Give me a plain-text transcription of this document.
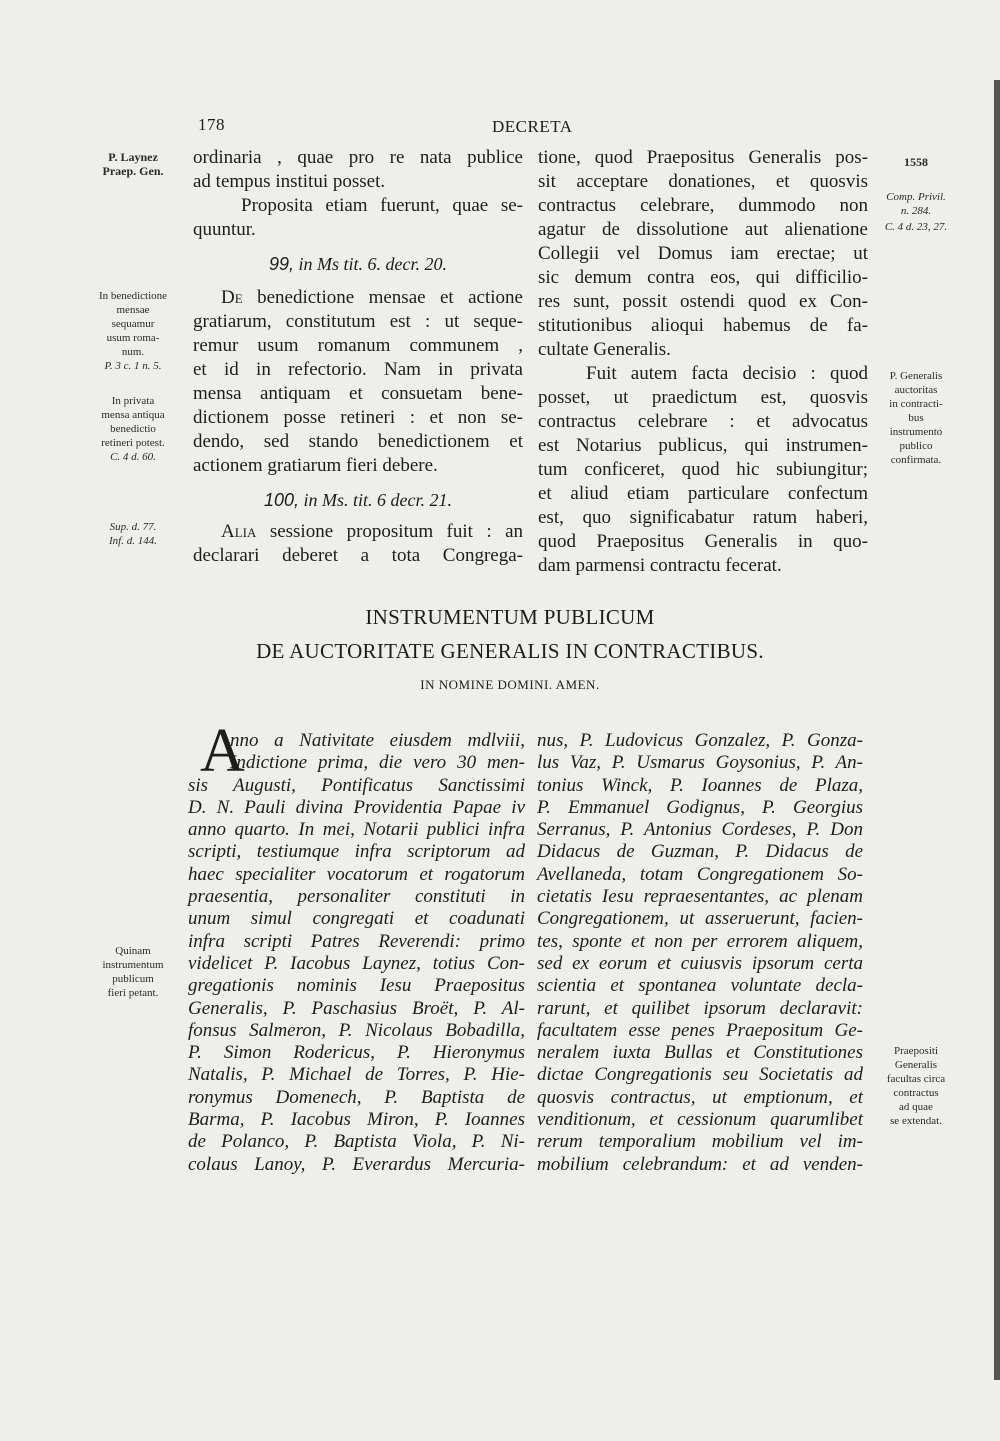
178	DECRETA
P. Laynez
Praep. Gen.
In benedictione
mensae
sequamur
usum roma-
num.
P. 3 c. 1 n. 5.
In privata
mensa antiqua
benedictio
retineri potest.
C. 4 d. 60.
Sup. d. 77.
Inf. d. 144.
Quinam
instrumentum
publicum
fieri petant.
1558
Comp. Privil.
n. 284.
C. 4 d. 23, 27.
P. Generalis
auctoritas
in contracti-
bus
instrumento
publico
confirmata.
Praepositi
Generalis
facultas circa
contractus
ad quae
se extendat.
ordinaria , quae pro re nata publice
ad tempus institui posset.
Proposita etiam fuerunt, quae se-
quuntur.
99, in Ms tit. 6. decr. 20.
De benedictione mensae et actione
gratiarum, constitutum est : ut seque-
remur usum romanum communem ,
et id in refectorio. Nam in privata
mensa antiquam et consuetam bene-
dictionem posse retineri : et non se-
dendo, sed stando benedictionem et
actionem gratiarum fieri debere.
100, in Ms. tit. 6 decr. 21.
Alia sessione propositum fuit : an
declarari deberet a tota Congrega-
tione, quod Praepositus Generalis pos-
sit acceptare donationes, et quosvis
contractus celebrare, dummodo non
agatur de dissolutione aut alienatione
Collegii vel Domus iam erectae; ut
sic demum contra eos, qui difficilio-
res sunt, possit ostendi quod ex Con-
stitutionibus alioqui habemus de fa-
cultate Generalis.
Fuit autem facta decisio : quod
posset, ut praedictum est, quosvis
contractus celebrare : et advocatus
est Notarius publicus, qui instrumen-
tum conficeret, quod hic subiungitur;
et aliud etiam particulare confectum
est, quo significabatur ratum haberi,
quod Praepositus Generalis in quo-
dam parmensi contractu fecerat.
INSTRUMENTUM PUBLICUM
DE AUCTORITATE GENERALIS IN CONTRACTIBUS.
IN NOMINE DOMINI. AMEN.
A
nno a Nativitate eiusdem mdlviii,
Indictione prima, die vero 30 men-
sis Augusti, Pontificatus Sanctissimi
D. N. Pauli divina Providentia Papae iv
anno quarto. In mei, Notarii publici infra
scripti, testiumque infra scriptorum ad
haec specialiter vocatorum et rogatorum
praesentia, personaliter constituti in
unum simul congregati et coadunati
infra scripti Patres Reverendi: primo
videlicet P. Iacobus Laynez, totius Con-
gregationis nominis Iesu Praepositus
Generalis, P. Paschasius Broët, P. Al-
fonsus Salmeron, P. Nicolaus Bobadilla,
P. Simon Rodericus, P. Hieronymus
Natalis, P. Michael de Torres, P. Hie-
ronymus Domenech, P. Baptista de
Barma, P. Iacobus Miron, P. Ioannes
de Polanco, P. Baptista Viola, P. Ni-
colaus Lanoy, P. Everardus Mercuria-
nus, P. Ludovicus Gonzalez, P. Gonza-
lus Vaz, P. Usmarus Goysonius, P. An-
tonius Winck, P. Ioannes de Plaza,
P. Emmanuel Godignus, P. Georgius
Serranus, P. Antonius Cordeses, P. Don
Didacus de Guzman, P. Didacus de
Avellaneda, totam Congregationem So-
cietatis Iesu repraesentantes, ac plenam
Congregationem, ut asseruerunt, facien-
tes, sponte et non per errorem aliquem,
sed ex eorum et cuiusvis ipsorum certa
scientia et spontanea voluntate decla-
rarunt, et quilibet ipsorum declaravit:
facultatem esse penes Praepositum Ge-
neralem iuxta Bullas et Constitutiones
dictae Congregationis seu Societatis ad
quosvis contractus, ut emptionum, et
venditionum, et cessionum quarumlibet
rerum temporalium mobilium vel im-
mobilium celebrandum: et ad venden-
